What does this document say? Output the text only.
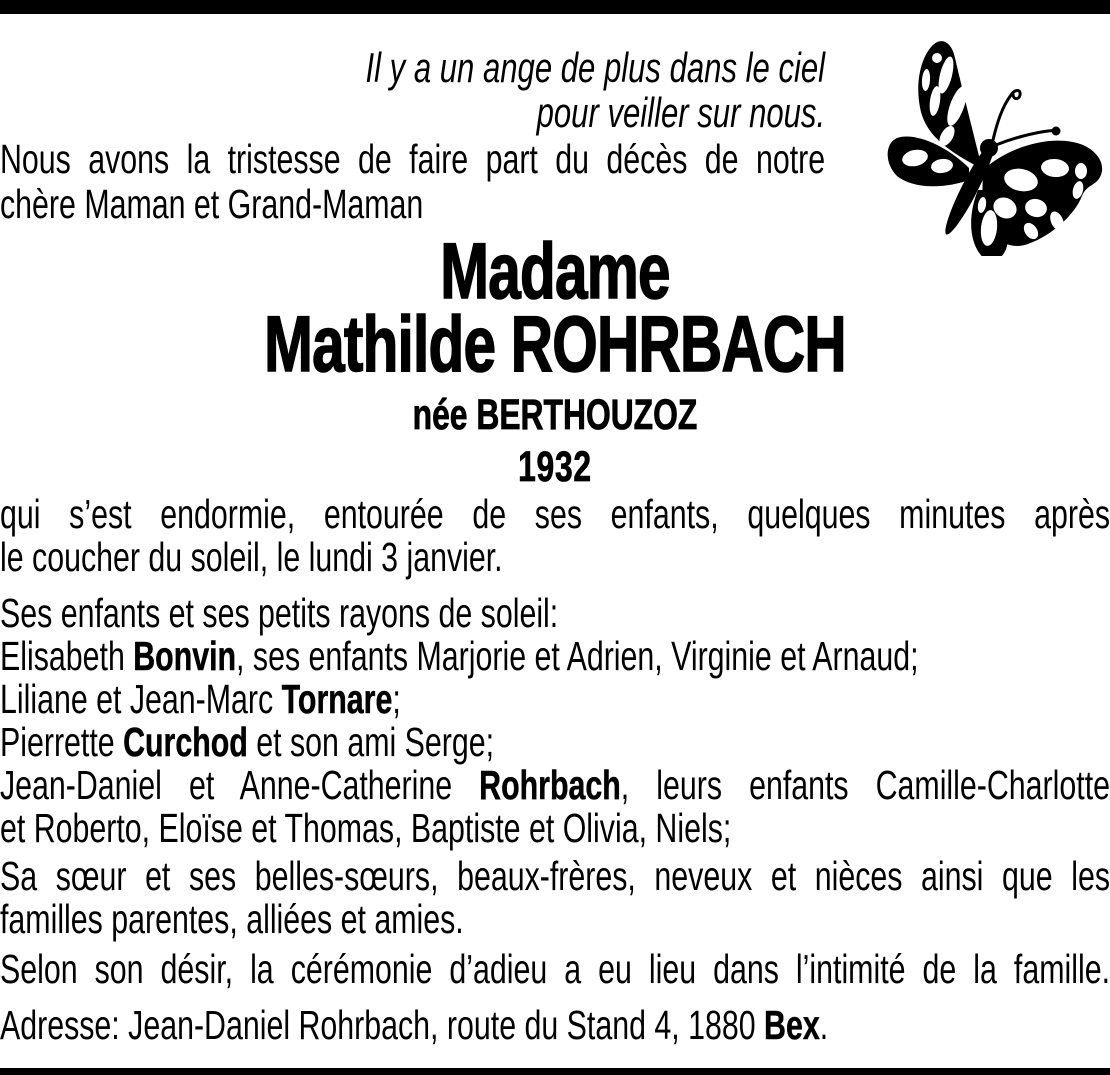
Il y a un ange de plus dans le ciel
pour veiller sur nous.
Nous avons la tristesse de faire part du décès de notre
chère Maman et Grand-Maman
Madame
Mathilde ROHRBACH
née BERTHOUZOZ
1932
qui s’est endormie, entourée de ses enfants, quelques minutes après
le coucher du soleil, le lundi 3 janvier.
Ses enfants et ses petits rayons de soleil:
Elisabeth Bonvin, ses enfants Marjorie et Adrien, Virginie et Arnaud;
Liliane et Jean-Marc Tornare;
Pierrette Curchod et son ami Serge;
Jean-Daniel et Anne-Catherine Rohrbach, leurs enfants Camille-Charlotte
et Roberto, Eloïse et Thomas, Baptiste et Olivia, Niels;
Sa sœur et ses belles-sœurs, beaux-frères, neveux et nièces ainsi que les
familles parentes, alliées et amies.
Selon son désir, la cérémonie d’adieu a eu lieu dans l’intimité de la famille.
Adresse: Jean-Daniel Rohrbach, route du Stand 4, 1880 Bex.
